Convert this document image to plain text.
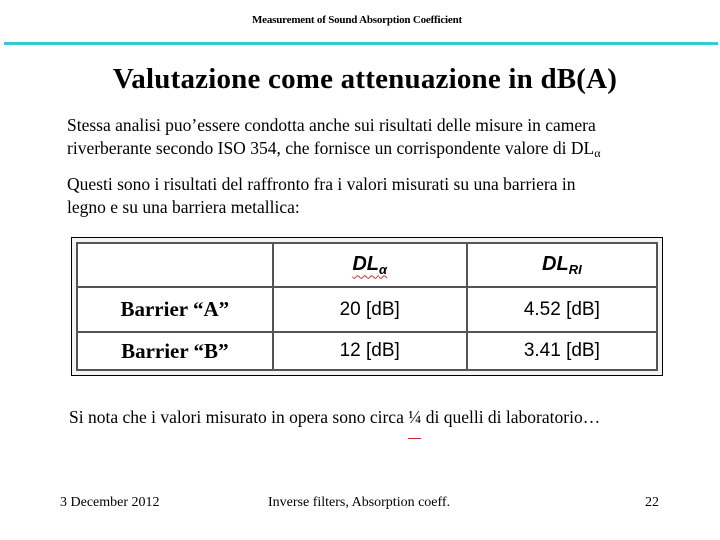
Measurement of Sound Absorption Coefficient
Valutazione come attenuazione in dB(A)
Stessa analisi puo’essere condotta anche sui risultati delle misure in camera
riverberante secondo ISO 354, che fornisce un corrispondente valore di DLα
Questi sono i risultati del raffronto fra i valori misurati su una barriera in
legno e su una barriera metallica:
	$DL_\alpha$	$DL_{RI}$
Barrier “A”	20 [dB]	4.52 [dB]
Barrier “B”	12 [dB]	3.41 [dB]
Si nota che i valori misurato in opera sono circa ¼ di quelli di laboratorio…
3 December 2012	Inverse filters, Absorption coeff.	22
